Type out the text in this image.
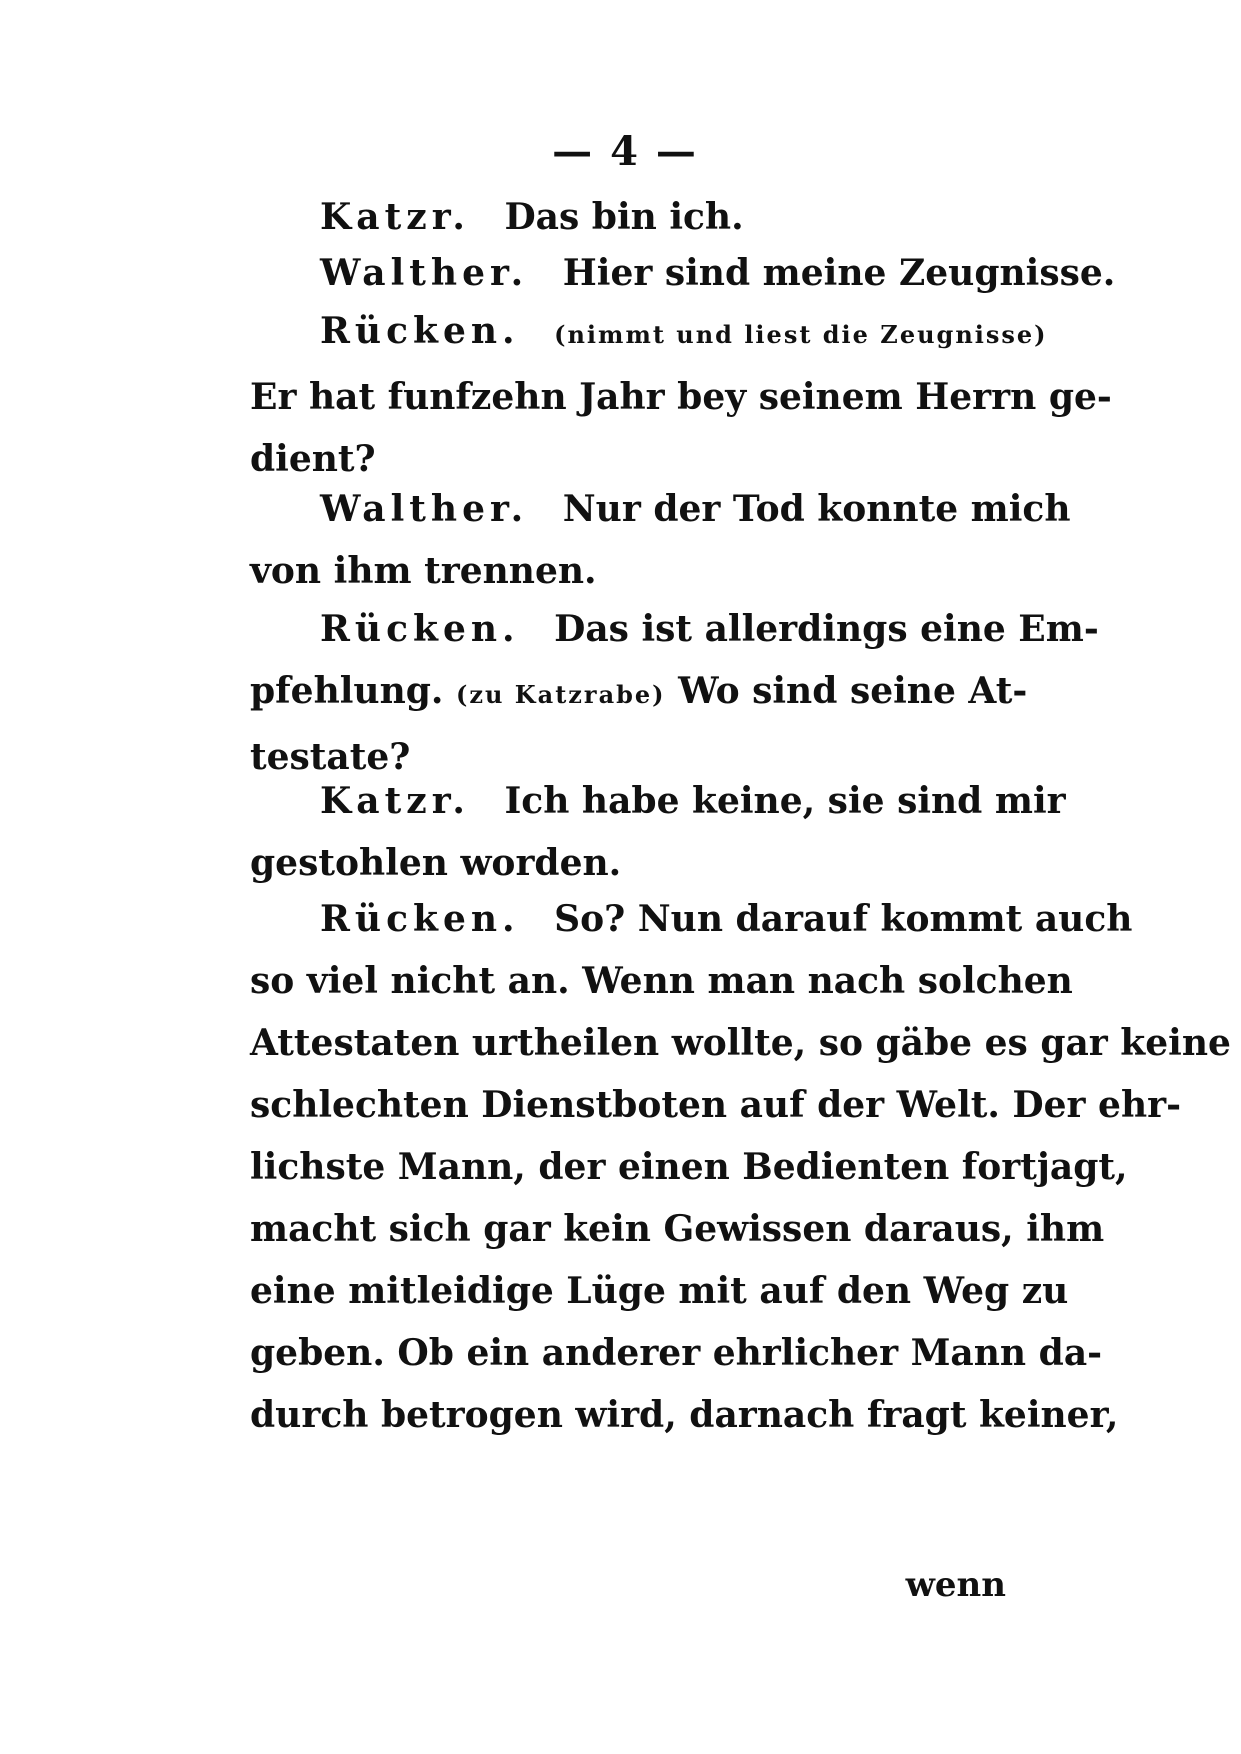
— 4 —
Katzr. Das bin ich.
Walther. Hier sind meine Zeugnisse.
Rücken. (nimmt und liest die Zeugnisse)
Er hat funfzehn Jahr bey seinem Herrn ge-
dient?
Walther. Nur der Tod konnte mich
von ihm trennen.
Rücken. Das ist allerdings eine Em-
pfehlung. (zu Katzrabe) Wo sind seine At-
testate?
Katzr. Ich habe keine, sie sind mir
gestohlen worden.
Rücken. So? Nun darauf kommt auch
so viel nicht an. Wenn man nach solchen
Attestaten urtheilen wollte, so gäbe es gar keine
schlechten Dienstboten auf der Welt. Der ehr-
lichste Mann, der einen Bedienten fortjagt,
macht sich gar kein Gewissen daraus, ihm
eine mitleidige Lüge mit auf den Weg zu
geben. Ob ein anderer ehrlicher Mann da-
durch betrogen wird, darnach fragt keiner,
wenn
